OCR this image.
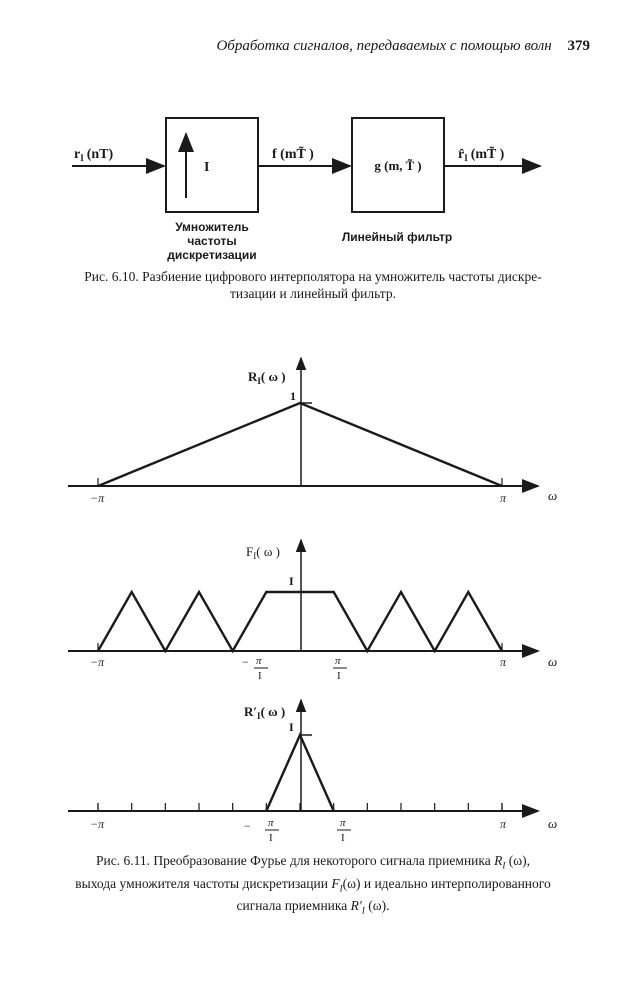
Обработка сигналов, передаваемых с помощью волн 379
$r_I$ (nT)
I
f (mT̃ )
g (m, T̃ )
$r̂_I$ (mT̃ )
Умножитель
частоты
дискретизации
Линейный фильтр
Рис. 6.10. Разбиение цифрового интерполятора на умножитель частоты дискре-
тизации и линейный фильтр.
$R_I$( ω )
1
−π	π	ω
$F_I$( ω )
I
−π	π
− π
I
π
I
ω
$R'_I$( ω )
I
−π	π
− π
I
π
I
ω
Рис. 6.11. Преобразование Фурье для некоторого сигнала приемника $R_I$ (ω),
выхода умножителя частоты дискретизации $F_I(\omega)$ и идеально интерполированного
сигнала приемника $R'_I$ (ω).
